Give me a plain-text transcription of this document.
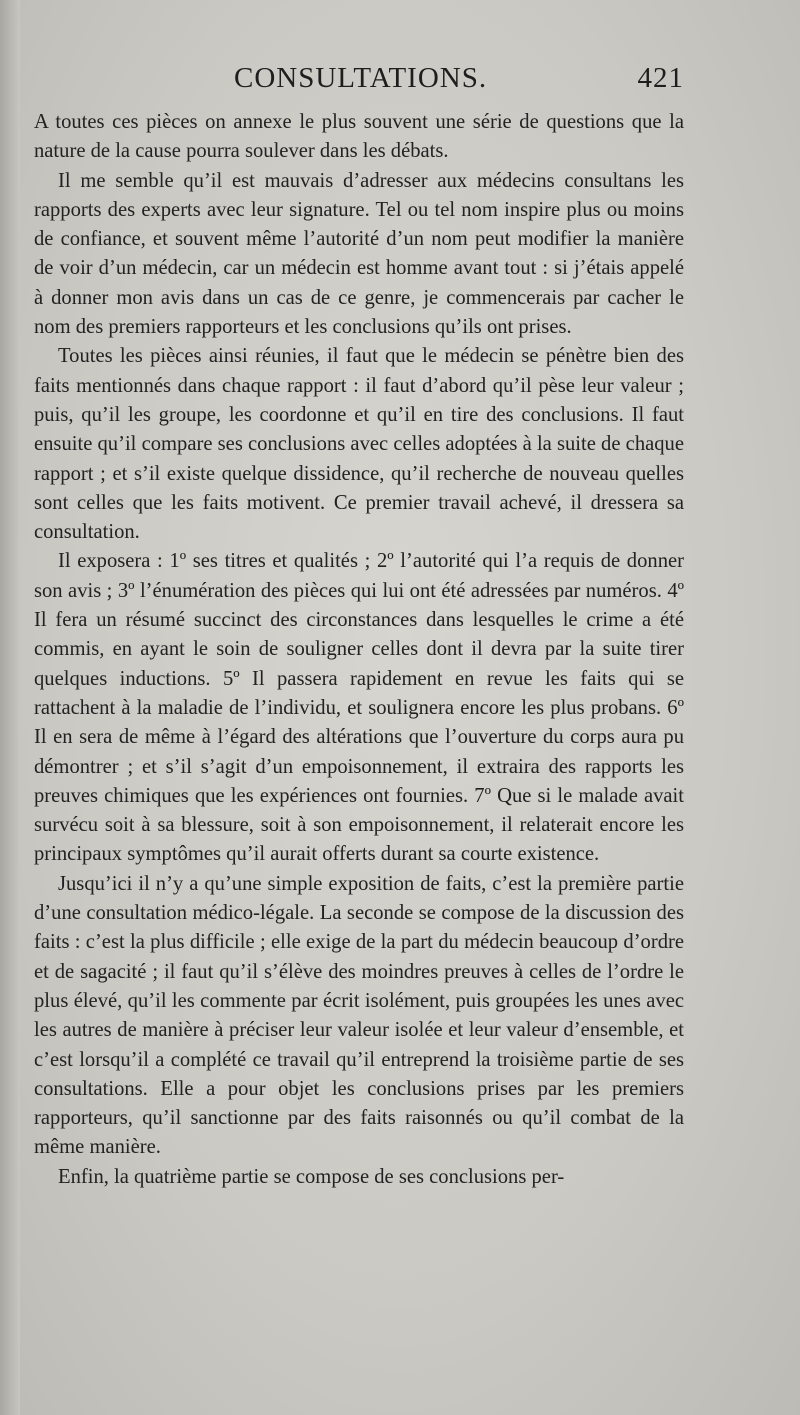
CONSULTATIONS.	421

A toutes ces pièces on annexe le plus souvent une série de questions que la nature de la cause pourra soulever dans les débats.

Il me semble qu’il est mauvais d’adresser aux médecins consultans les rapports des experts avec leur signature. Tel ou tel nom inspire plus ou moins de confiance, et souvent même l’autorité d’un nom peut modifier la manière de voir d’un médecin, car un médecin est homme avant tout : si j’étais appelé à donner mon avis dans un cas de ce genre, je commencerais par cacher le nom des premiers rapporteurs et les conclusions qu’ils ont prises.

Toutes les pièces ainsi réunies, il faut que le médecin se pénètre bien des faits mentionnés dans chaque rapport : il faut d’abord qu’il pèse leur valeur ; puis, qu’il les groupe, les coordonne et qu’il en tire des conclusions. Il faut ensuite qu’il compare ses conclusions avec celles adoptées à la suite de chaque rapport ; et s’il existe quelque dissidence, qu’il recherche de nouveau quelles sont celles que les faits motivent. Ce premier travail achevé, il dressera sa consultation.

Il exposera : 1º ses titres et qualités ; 2º l’autorité qui l’a requis de donner son avis ; 3º l’énumération des pièces qui lui ont été adressées par numéros. 4º Il fera un résumé succinct des circonstances dans lesquelles le crime a été commis, en ayant le soin de souligner celles dont il devra par la suite tirer quelques inductions. 5º Il passera rapidement en revue les faits qui se rattachent à la maladie de l’individu, et soulignera encore les plus probans. 6º Il en sera de même à l’égard des altérations que l’ouverture du corps aura pu démontrer ; et s’il s’agit d’un empoisonnement, il extraira des rapports les preuves chimiques que les expériences ont fournies. 7º Que si le malade avait survécu soit à sa blessure, soit à son empoisonnement, il relaterait encore les principaux symptômes qu’il aurait offerts durant sa courte existence.

Jusqu’ici il n’y a qu’une simple exposition de faits, c’est la première partie d’une consultation médico-légale. La seconde se compose de la discussion des faits : c’est la plus difficile ; elle exige de la part du médecin beaucoup d’ordre et de sagacité ; il faut qu’il s’élève des moindres preuves à celles de l’ordre le plus élevé, qu’il les commente par écrit isolément, puis groupées les unes avec les autres de manière à préciser leur valeur isolée et leur valeur d’ensemble, et c’est lorsqu’il a complété ce travail qu’il entreprend la troisième partie de ses consultations. Elle a pour objet les conclusions prises par les premiers rapporteurs, qu’il sanctionne par des faits raisonnés ou qu’il combat de la même manière.

Enfin, la quatrième partie se compose de ses conclusions per-
